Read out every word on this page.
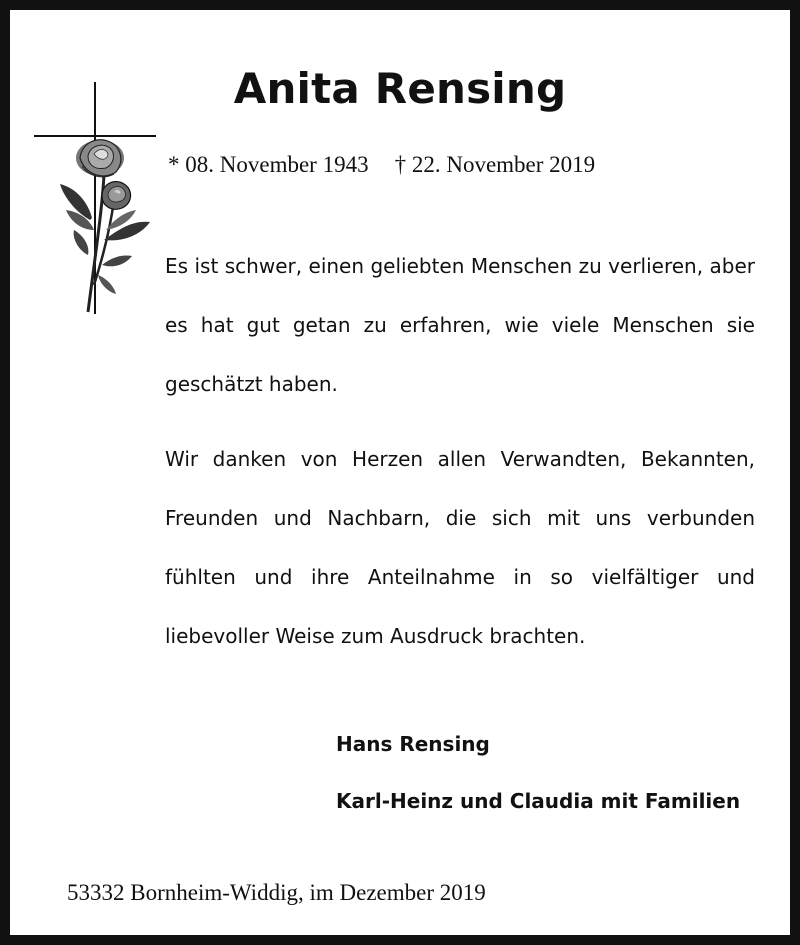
Anita Rensing
* 08. November 1943 † 22. November 2019
Es ist schwer, einen geliebten Menschen zu verlieren, aber es hat gut getan zu erfahren, wie viele Menschen sie geschätzt haben.
Wir danken von Herzen allen Verwandten, Bekannten, Freunden und Nachbarn, die sich mit uns verbunden fühlten und ihre Anteilnahme in so vielfältiger und liebevoller Weise zum Ausdruck brachten.
Hans Rensing
Karl-Heinz und Claudia mit Familien
53332 Bornheim-Widdig, im Dezember 2019
